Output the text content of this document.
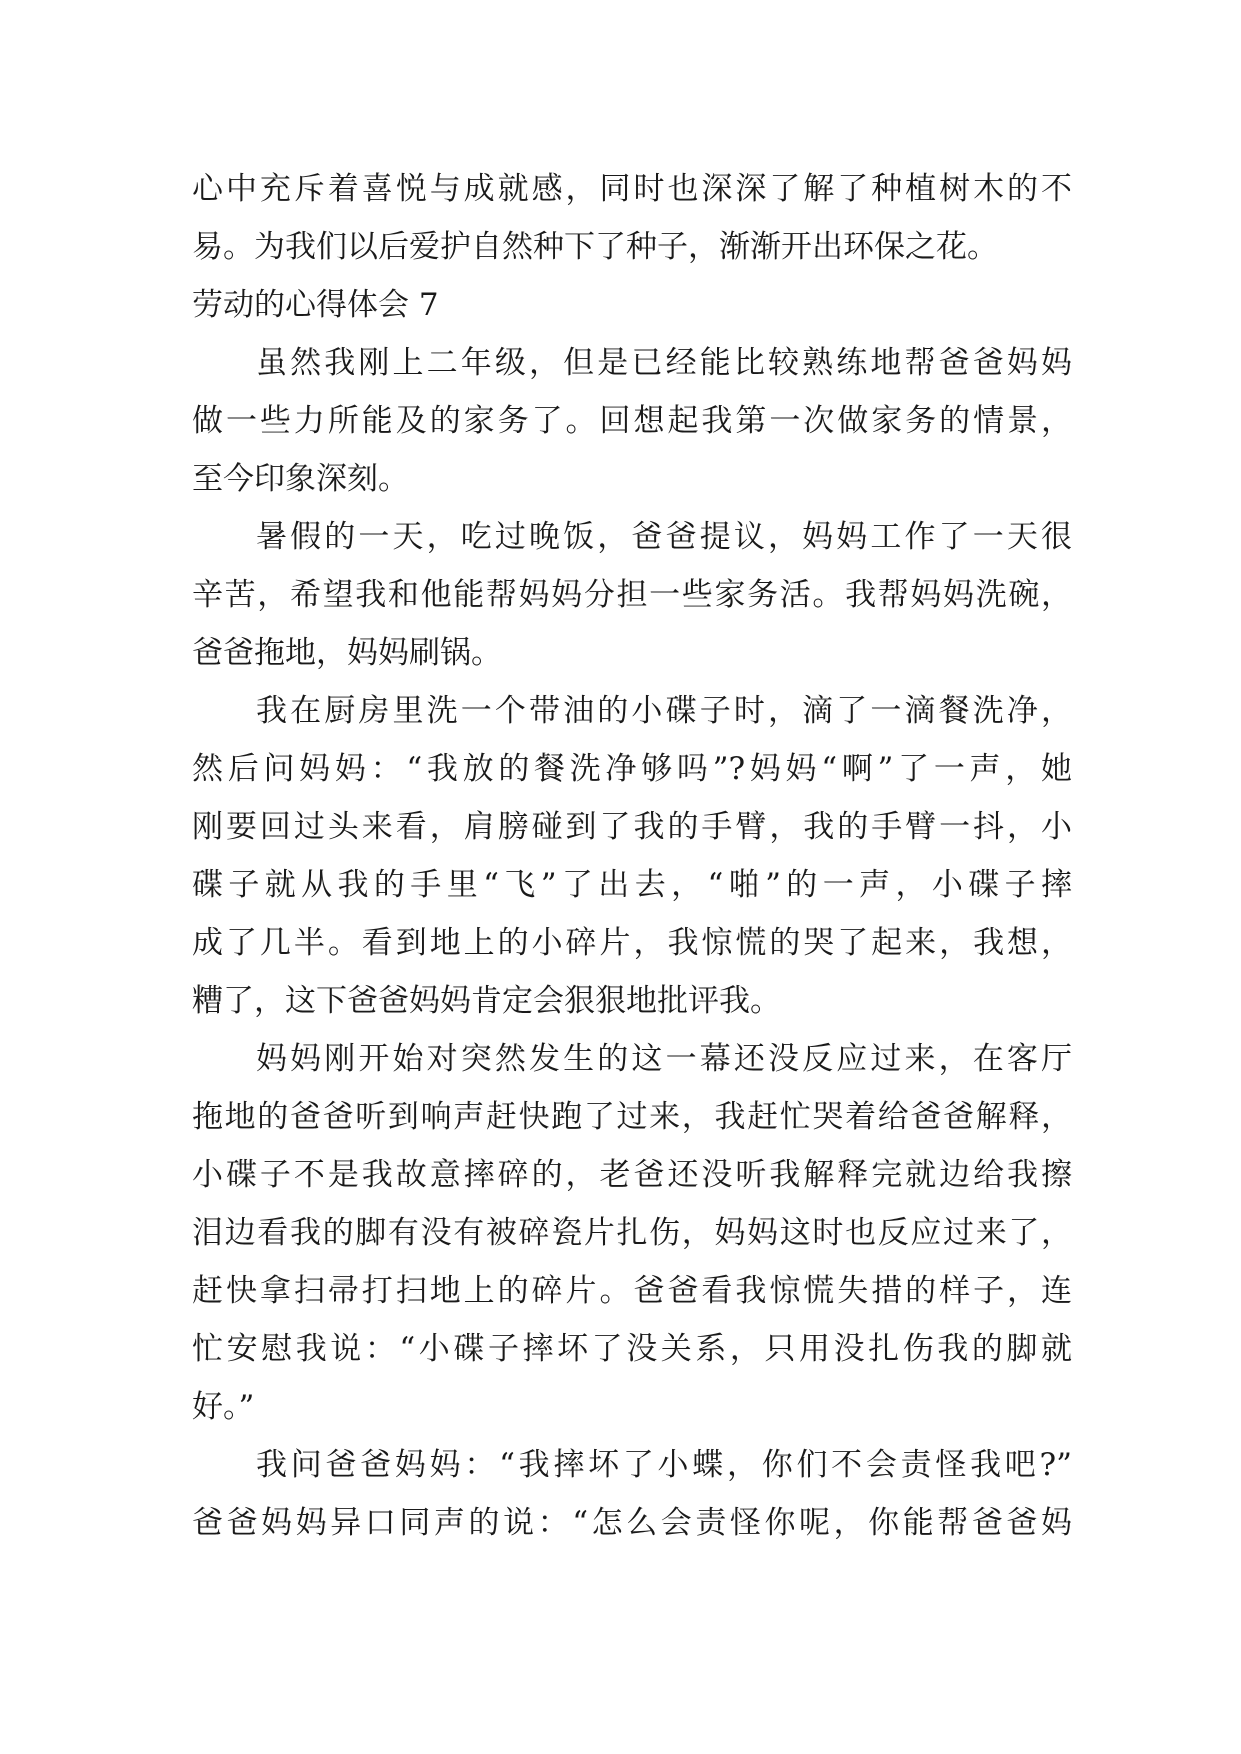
心中充斥着喜悦与成就感，同时也深深了解了种植树木的不
易。为我们以后爱护自然种下了种子，渐渐开出环保之花。
劳动的心得体会 7
虽然我刚上二年级，但是已经能比较熟练地帮爸爸妈妈
做一些力所能及的家务了。回想起我第一次做家务的情景，
至今印象深刻。
暑假的一天，吃过晚饭，爸爸提议，妈妈工作了一天很
辛苦，希望我和他能帮妈妈分担一些家务活。我帮妈妈洗碗，
爸爸拖地，妈妈刷锅。
我在厨房里洗一个带油的小碟子时，滴了一滴餐洗净，
然后问妈妈：“我放的餐洗净够吗”?妈妈“啊”了一声，她
刚要回过头来看，肩膀碰到了我的手臂，我的手臂一抖，小
碟子就从我的手里“飞”了出去，“啪”的一声，小碟子摔
成了几半。看到地上的小碎片，我惊慌的哭了起来，我想，
糟了，这下爸爸妈妈肯定会狠狠地批评我。
妈妈刚开始对突然发生的这一幕还没反应过来，在客厅
拖地的爸爸听到响声赶快跑了过来，我赶忙哭着给爸爸解释，
小碟子不是我故意摔碎的，老爸还没听我解释完就边给我擦
泪边看我的脚有没有被碎瓷片扎伤，妈妈这时也反应过来了，
赶快拿扫帚打扫地上的碎片。爸爸看我惊慌失措的样子，连
忙安慰我说：“小碟子摔坏了没关系，只用没扎伤我的脚就
好。”
我问爸爸妈妈：“我摔坏了小蝶，你们不会责怪我吧?”
爸爸妈妈异口同声的说：“怎么会责怪你呢，你能帮爸爸妈
